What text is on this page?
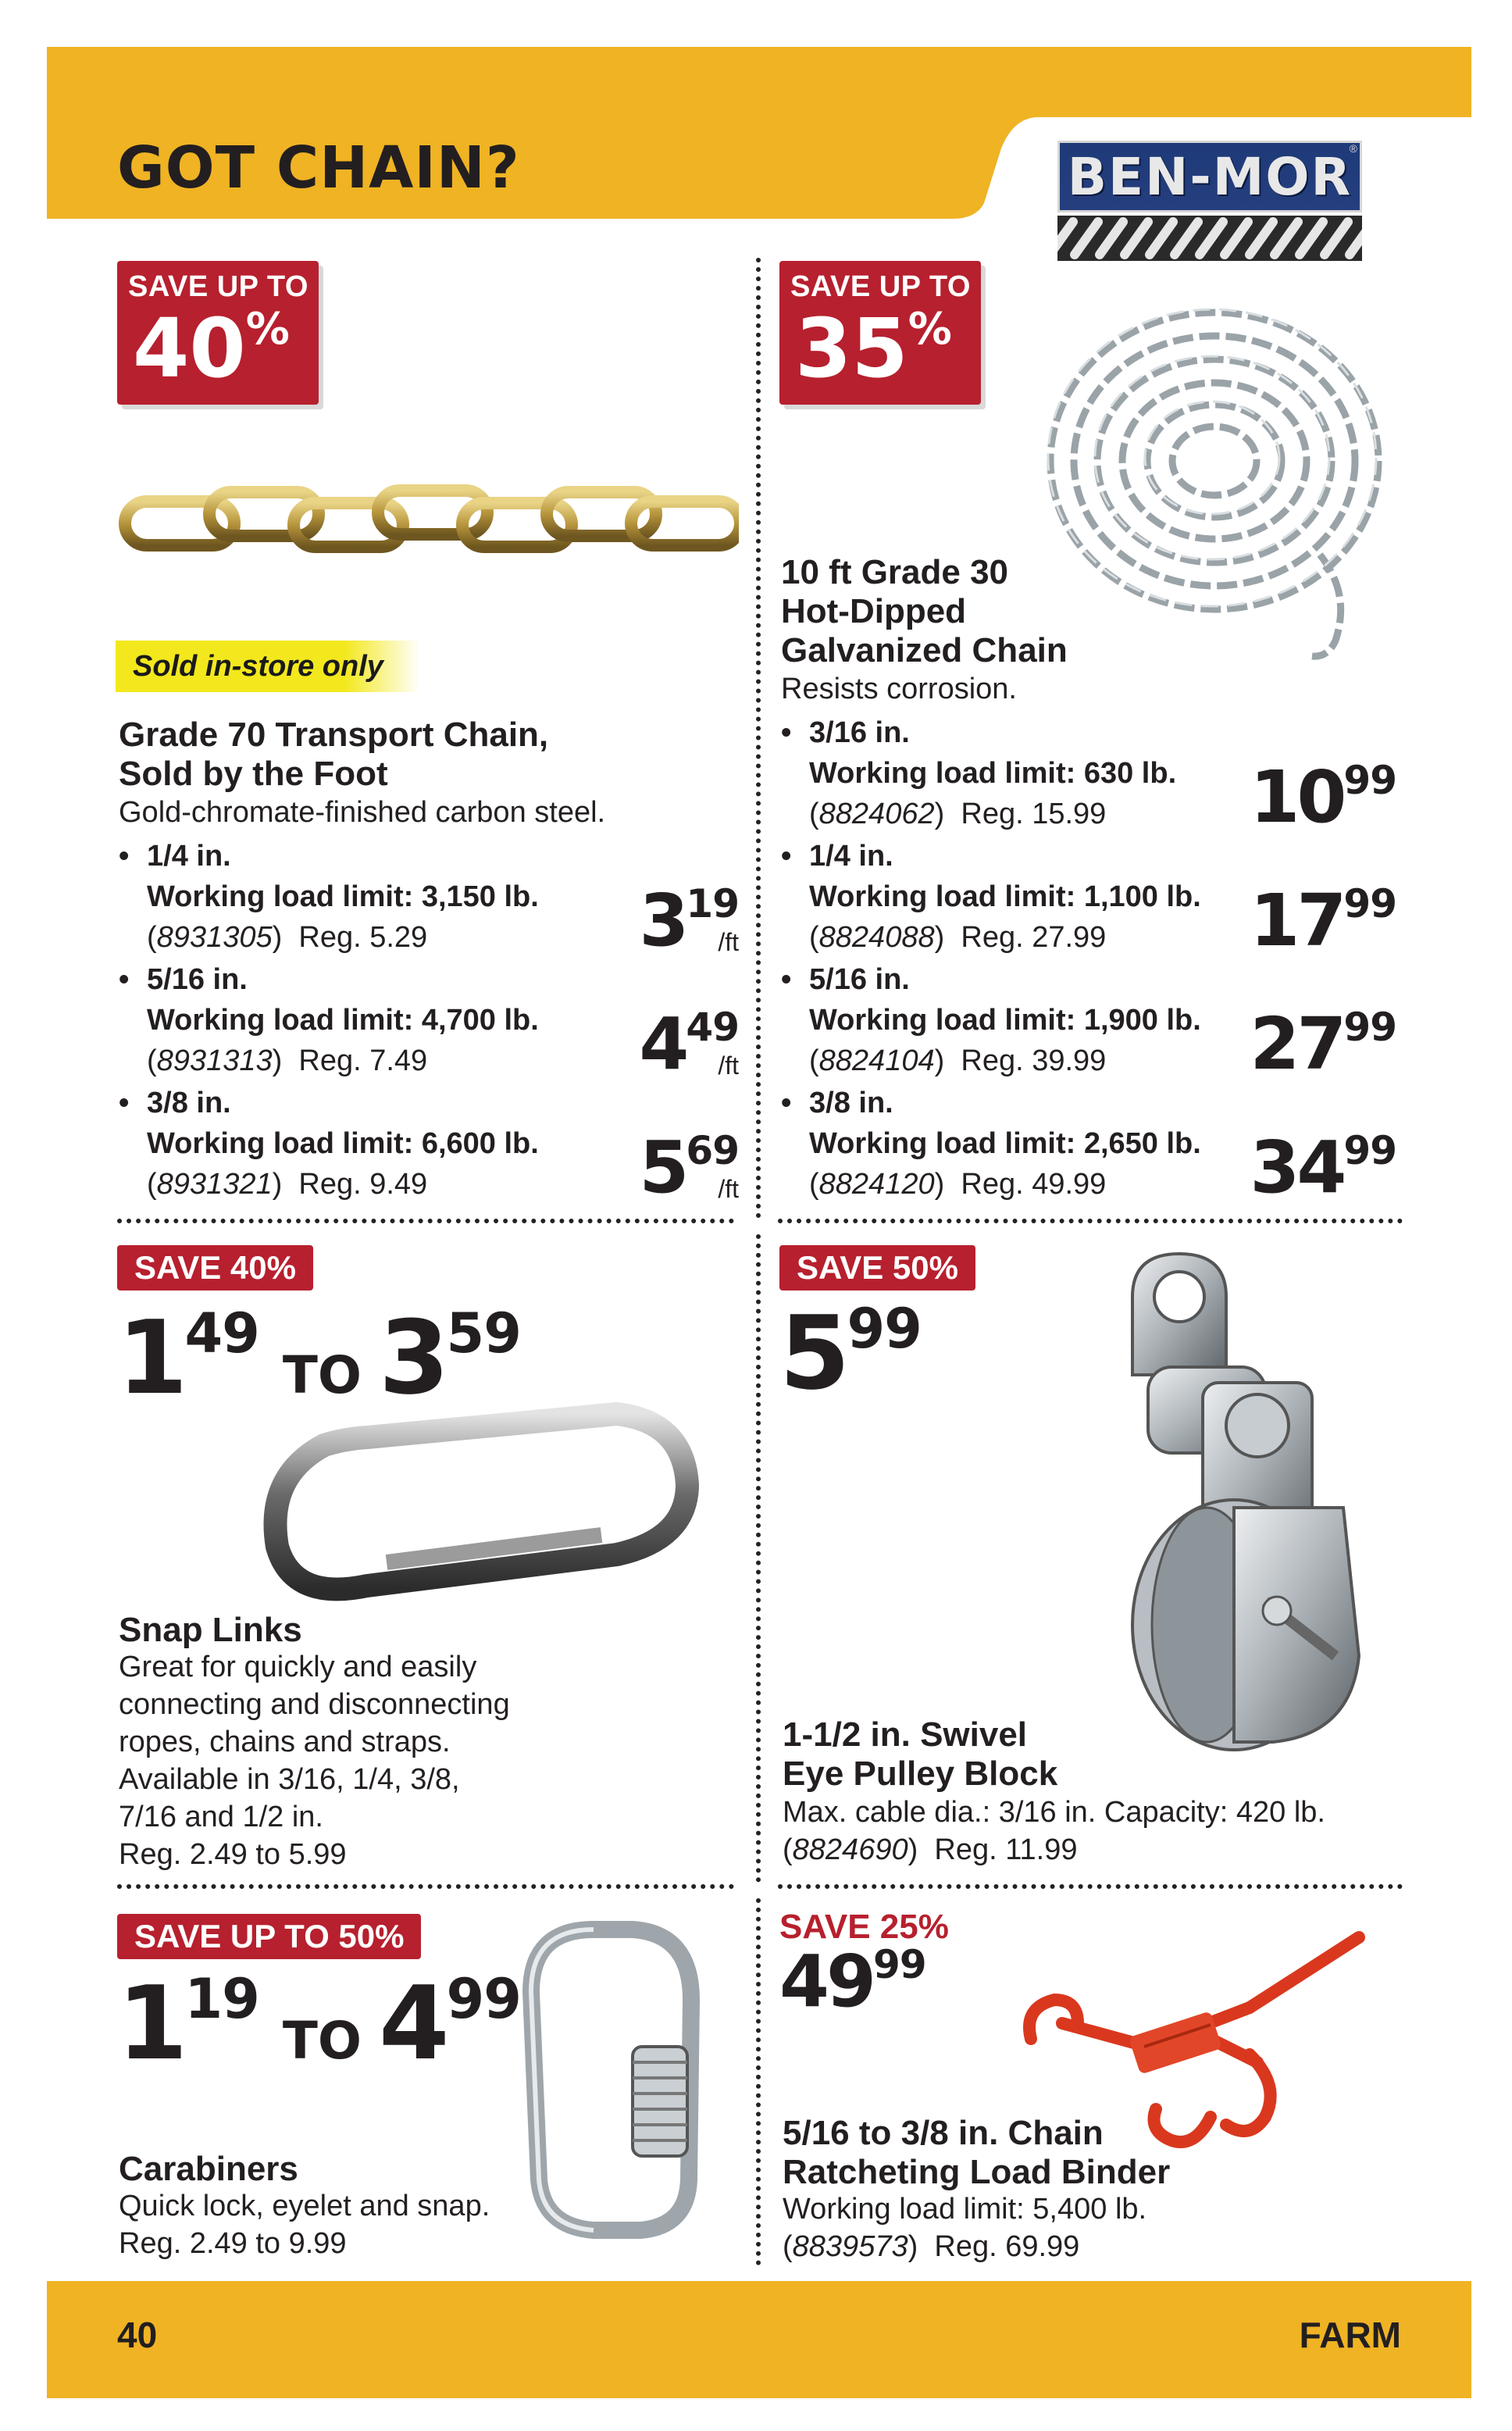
GOT CHAIN?	BEN-MOR
®
SAVE UP TO
40%
Sold in-store only
Grade 70 Transport Chain,
Sold by the Foot
Gold-chromate-finished carbon steel.
• 1/4 in.
Working load limit: 3,150 lb.
(8931305)  Reg. 5.29	319
/ft
• 5/16 in.
Working load limit: 4,700 lb.
(8931313)  Reg. 7.49	449
/ft
• 3/8 in.
Working load limit: 6,600 lb.
(8931321)  Reg. 9.49	569
/ft
SAVE UP TO
35%
10 ft Grade 30
Hot-Dipped
Galvanized Chain
Resists corrosion.
• 3/16 in.
Working load limit: 630 lb.
(8824062)  Reg. 15.99	1099
• 1/4 in.
Working load limit: 1,100 lb.
(8824088)  Reg. 27.99	1799
• 5/16 in.
Working load limit: 1,900 lb.
(8824104)  Reg. 39.99	2799
• 3/8 in.
Working load limit: 2,650 lb.
(8824120)  Reg. 49.99	3499
SAVE 40%
149TO 359
Snap Links
Great for quickly and easily
connecting and disconnecting
ropes, chains and straps.
Available in 3/16, 1/4, 3/8,
7/16 and 1/2 in.
Reg. 2.49 to 5.99
SAVE 50%
599
1-1/2 in. Swivel
Eye Pulley Block
Max. cable dia.: 3/16 in. Capacity: 420 lb.
(8824690)  Reg. 11.99
SAVE UP TO 50%
119TO 499
Carabiners
Quick lock, eyelet and snap.
Reg. 2.49 to 9.99
SAVE 25%
4999
5/16 to 3/8 in. Chain
Ratcheting Load Binder
Working load limit: 5,400 lb.
(8839573)  Reg. 69.99
40	FARM
